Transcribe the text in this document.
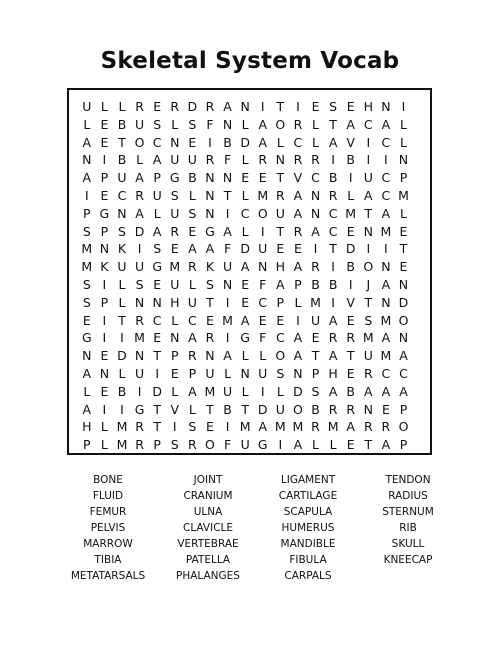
Skeletal System Vocab
U L L R E R D R A N I T I E S E H N I
L E B U S L S F N L A O R L T A C A L
A E T O C N E I B D A L C L A V I C L
N I B L A U U R F L R N R R I B I	I N
A P U A P G B N N E E T V C B I U C P
I E C R U S L N T L M R A N R L A C M
P G N A L U S N I C O U A N C M T A L
S P S D A R E G A L I T R A C E N M E
M N K I S E A A F D U E E I T D I	I T
M K U U G M R K U A N H A R I B O N E
S I L S E U L S N E F A P B B I	J A N
S P L N N H U T I E C P L M I V T N D
E I T R C L C E M A E E I U A E S M O
G I	I M E N A R I G F C A E R R M A N
N E D N T P R N A L L O A T A T U M A
A N L U I E P U L N U S N P H E R C C
L E B I D L A M U L I L D S A B A A A
A I	I G T V L T B T D U O B R R N E P
H L M R T I S E I M A M M R M A R R O
P L M R P S R O F U G I A L L E T A P
BONE	JOINT	LIGAMENT	TENDON
FLUID	CRANIUM	CARTILAGE	RADIUS
FEMUR	ULNA	SCAPULA	STERNUM
PELVIS	CLAVICLE	HUMERUS	RIB
MARROW	VERTEBRAE	MANDIBLE	SKULL
TIBIA	PATELLA	FIBULA	KNEECAP
METATARSALS	PHALANGES	CARPALS
